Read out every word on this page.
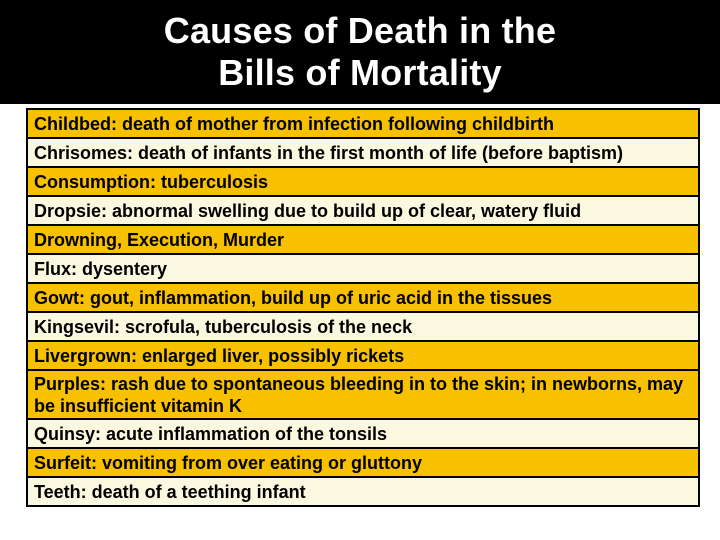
Causes of Death in the
Bills of Mortality
Childbed: death of mother from infection following childbirth
Chrisomes: death of infants in the first month of life (before baptism)
Consumption: tuberculosis
Dropsie: abnormal swelling due to build up of clear, watery fluid
Drowning, Execution, Murder
Flux: dysentery
Gowt: gout, inflammation, build up of uric acid in the tissues
Kingsevil: scrofula, tuberculosis of the neck
Livergrown: enlarged liver, possibly rickets
Purples: rash due to spontaneous bleeding in to the skin; in newborns, may be insufficient vitamin K
Quinsy: acute inflammation of the tonsils
Surfeit: vomiting from over eating or gluttony
Teeth: death of a teething infant
